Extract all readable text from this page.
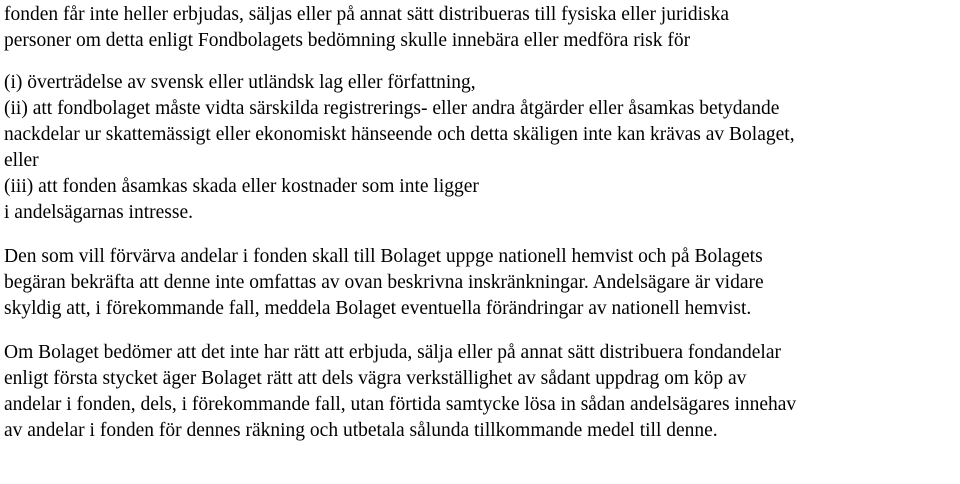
fonden får inte heller erbjudas, säljas eller på annat sätt distribueras till fysiska eller juridiska
personer om detta enligt Fondbolagets bedömning skulle innebära eller medföra risk för
(i) överträdelse av svensk eller utländsk lag eller författning,
(ii) att fondbolaget måste vidta särskilda registrerings- eller andra åtgärder eller åsamkas betydande
nackdelar ur skattemässigt eller ekonomiskt hänseende och detta skäligen inte kan krävas av Bolaget,
eller
(iii) att fonden åsamkas skada eller kostnader som inte ligger
i andelsägarnas intresse.
Den som vill förvärva andelar i fonden skall till Bolaget uppge nationell hemvist och på Bolagets
begäran bekräfta att denne inte omfattas av ovan beskrivna inskränkningar. Andelsägare är vidare
skyldig att, i förekommande fall, meddela Bolaget eventuella förändringar av nationell hemvist.
Om Bolaget bedömer att det inte har rätt att erbjuda, sälja eller på annat sätt distribuera fondandelar
enligt första stycket äger Bolaget rätt att dels vägra verkställighet av sådant uppdrag om köp av
andelar i fonden, dels, i förekommande fall, utan förtida samtycke lösa in sådan andelsägares innehav
av andelar i fonden för dennes räkning och utbetala sålunda tillkommande medel till denne.
